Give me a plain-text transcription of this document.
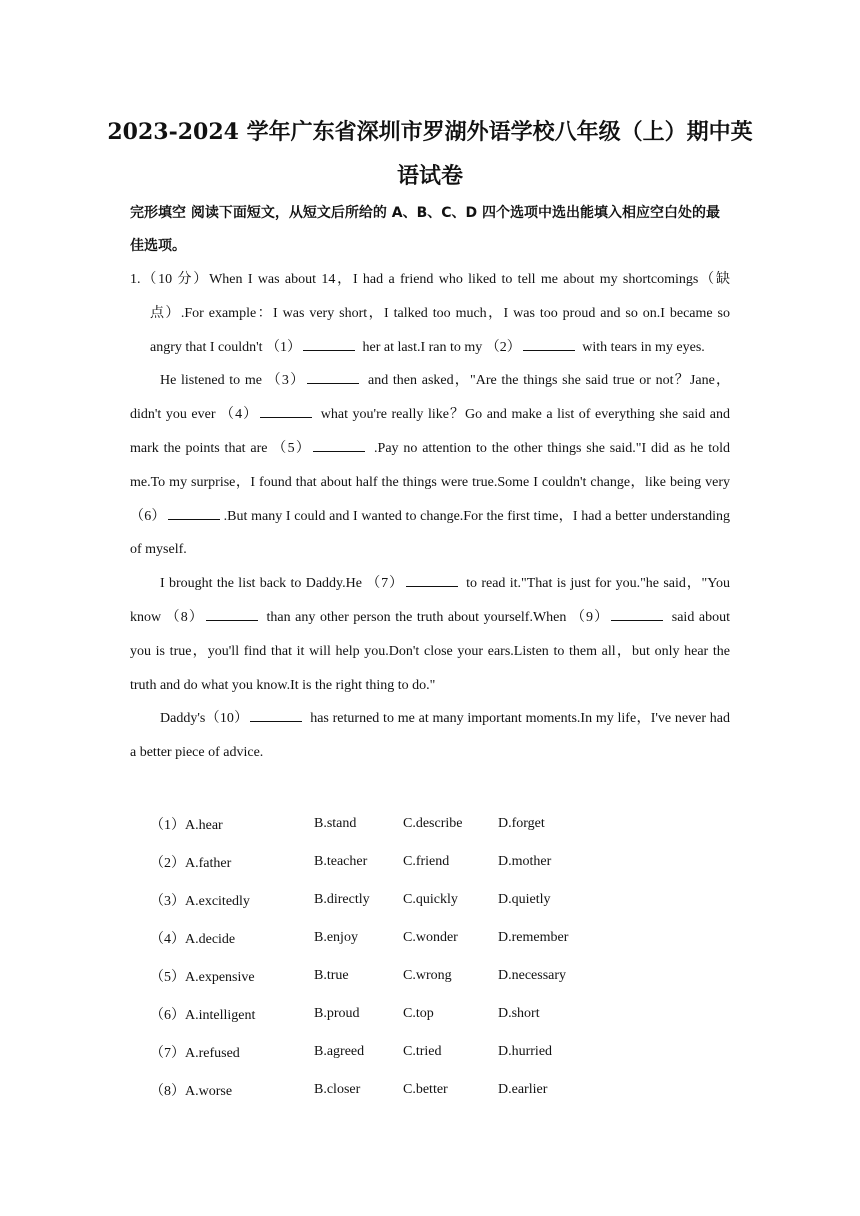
2023-2024 学年广东省深圳市罗湖外语学校八年级（上）期中英
语试卷
完形填空 阅读下面短文，从短文后所给的 A、B、C、D 四个选项中选出能填入相应空白处的最佳选项。

1.（10 分）When I was about 14，I had a friend who liked to tell me about my shortcomings（缺点）.For example：I was very short，I talked too much，I was too proud and so on.I became so angry that I couldn't （1）	her at last.I ran to my （2）	with tears in my eyes.

He listened to me （3）	and then asked，"Are the things she said true or not？Jane，didn't you ever （4）	what you're really like？Go and make a list of everything she said and mark the points that are （5）	.Pay no attention to the other things she said."I did as he told me.To my surprise，I found that about half the things were true.Some I couldn't change，like being very （6）	.But many I could and I wanted to change.For the first time，I had a better understanding of myself.

I brought the list back to Daddy.He （7）	to read it."That is just for you."he said，"You know （8）	than any other person the truth about yourself.When （9）	said about you is true，you'll find that it will help you.Don't close your ears.Listen to them all，but only hear the truth and do what you know.It is the right thing to do."

Daddy's（10）	has returned to me at many important moments.In my life，I've never had a better piece of advice.

（1）A.hear	B.stand	C.describe	D.forget
（2）A.father	B.teacher	C.friend	D.mother
（3）A.excitedly	B.directly	C.quickly	D.quietly
（4）A.decide	B.enjoy	C.wonder	D.remember
（5）A.expensive	B.true	C.wrong	D.necessary
（6）A.intelligent	B.proud	C.top	D.short
（7）A.refused	B.agreed	C.tried	D.hurried
（8）A.worse	B.closer	C.better	D.earlier
